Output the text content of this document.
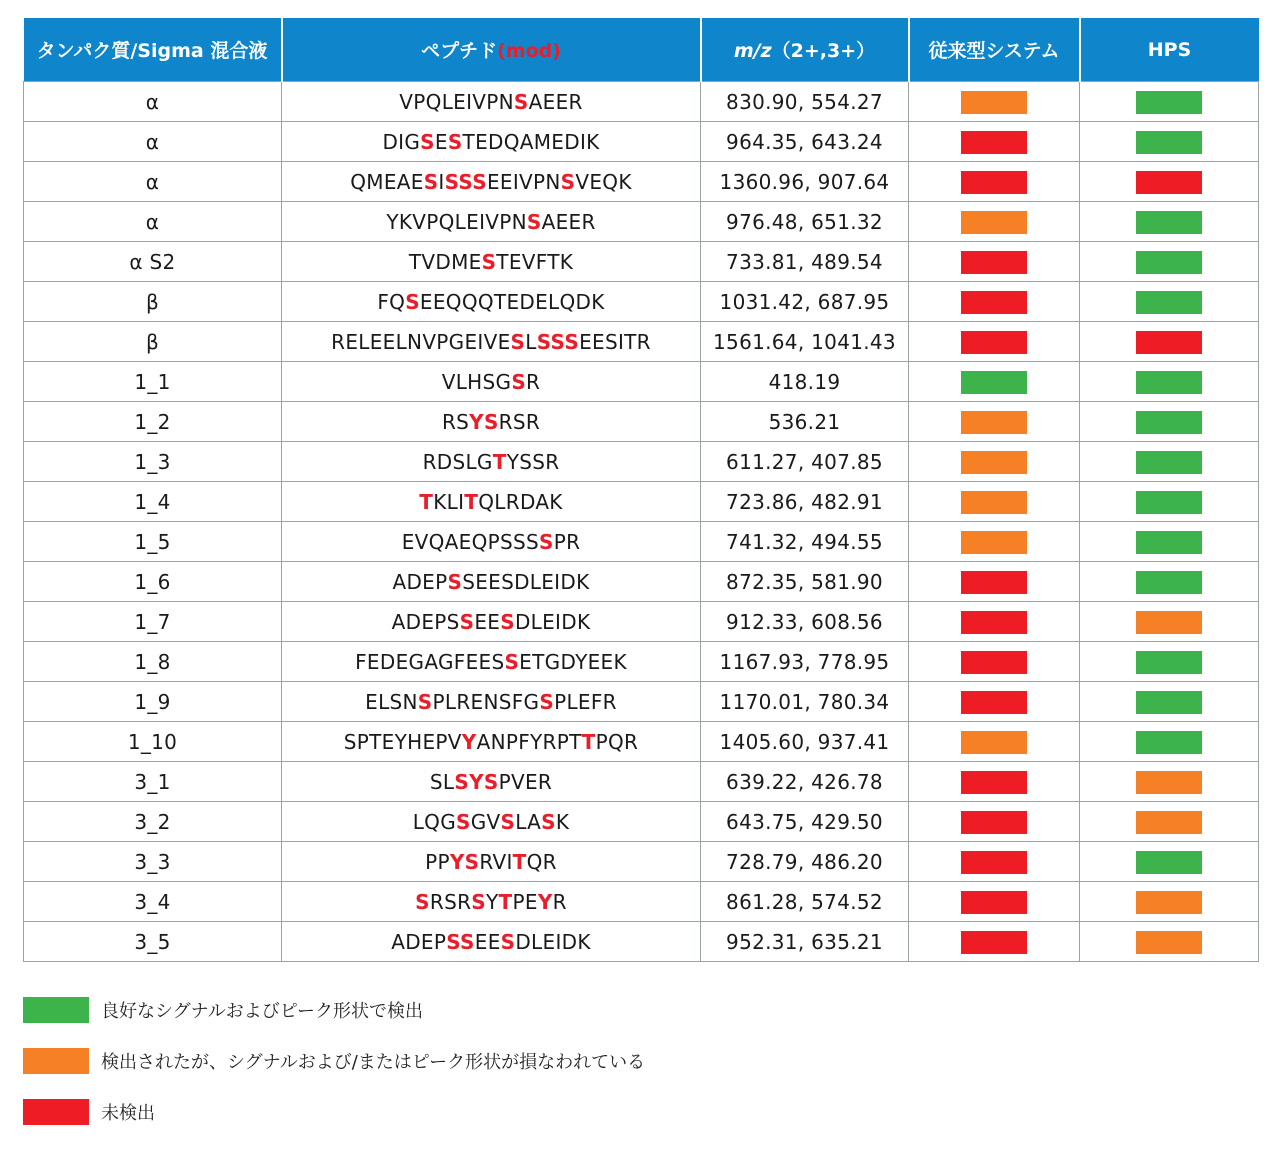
タンパク質/Sigma 混合液	ペプチド(mod)	m/z（2+,3+）	従来型システム	HPS
α	VPQLEIVPNSAEER	830.90, 554.27		
α	DIGSESTEDQAMEDIK	964.35, 643.24		
α	QMEAESISSSEEIVPNSVEQK	1360.96, 907.64		
α	YKVPQLEIVPNSAEER	976.48, 651.32		
α S2	TVDMESTEVFTK	733.81, 489.54		
β	FQSEEQQQTEDELQDK	1031.42, 687.95		
β	RELEELNVPGEIVESLSSSEESITR	1561.64, 1041.43		
1_1	VLHSGSR	418.19		
1_2	RSYSRSR	536.21		
1_3	RDSLGTYSSR	611.27, 407.85		
1_4	TKLITQLRDAK	723.86, 482.91		
1_5	EVQAEQPSSSSPR	741.32, 494.55		
1_6	ADEPSSEESDLEIDK	872.35, 581.90		
1_7	ADEPSSEESDLEIDK	912.33, 608.56		
1_8	FEDEGAGFEESSETGDYEEK	1167.93, 778.95		
1_9	ELSNSPLRENSFGSPLEFR	1170.01, 780.34		
1_10	SPTEYHEPVYANPFYRPTTPQR	1405.60, 937.41		
3_1	SLSYSPVER	639.22, 426.78		
3_2	LQGSGVSLASK	643.75, 429.50		
3_3	PPYSRVITQR	728.79, 486.20		
3_4	SRSRSYTPEYR	861.28, 574.52		
3_5	ADEPSSEESDLEIDK	952.31, 635.21		
良好なシグナルおよびピーク形状で検出
検出されたが、シグナルおよび/またはピーク形状が損なわれている
未検出
